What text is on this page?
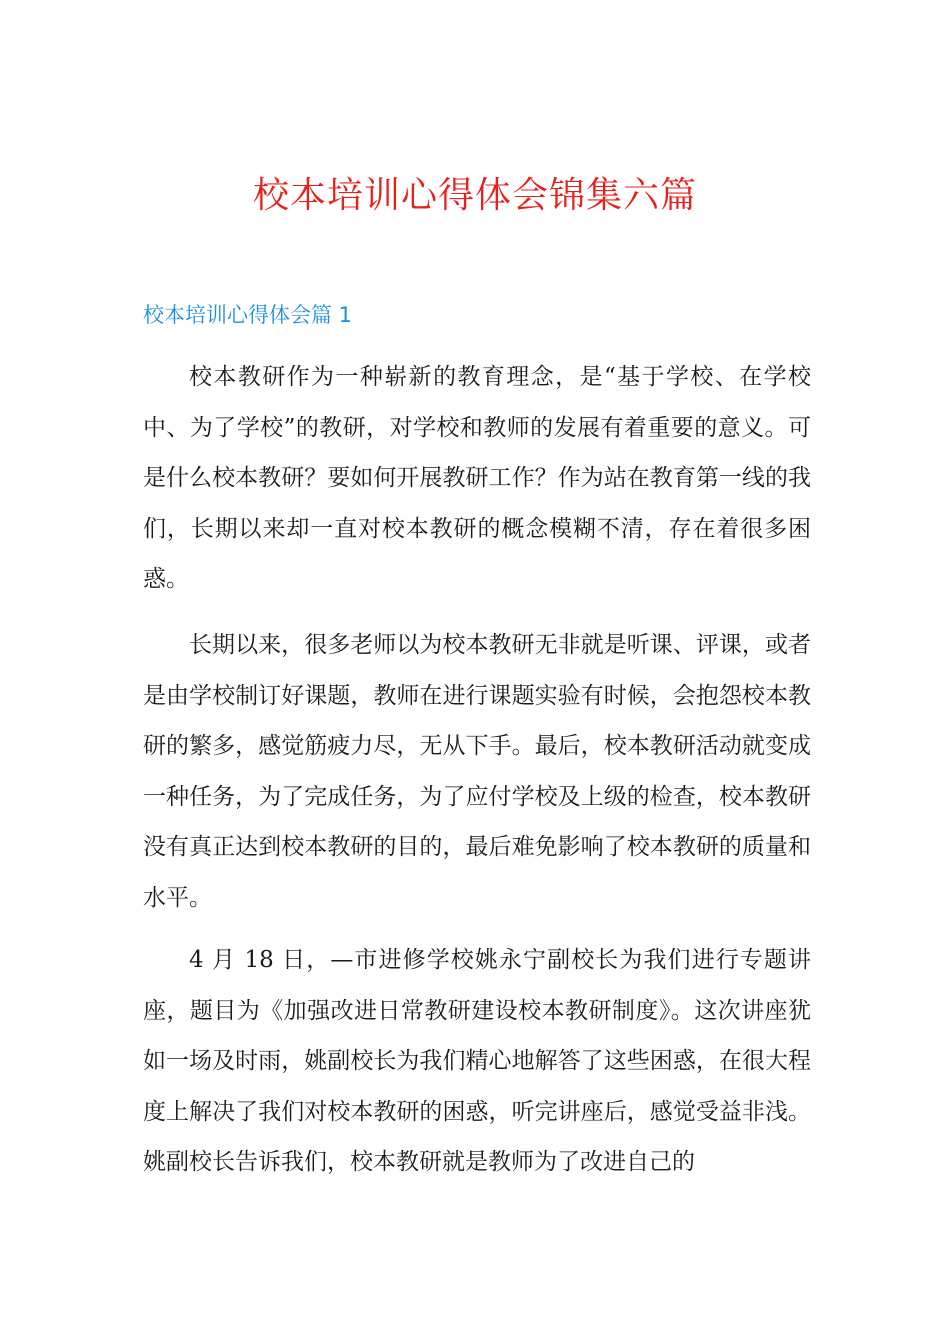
校本培训心得体会锦集六篇
校本培训心得体会篇 1

校本教研作为一种崭新的教育理念，是“基于学校、在学校中、为了学校”的教研，对学校和教师的发展有着重要的意义。可是什么校本教研？要如何开展教研工作？作为站在教育第一线的我们，长期以来却一直对校本教研的概念模糊不清，存在着很多困惑。

长期以来，很多老师以为校本教研无非就是听课、评课，或者是由学校制订好课题，教师在进行课题实验有时候，会抱怨校本教研的繁多，感觉筋疲力尽，无从下手。最后，校本教研活动就变成一种任务，为了完成任务，为了应付学校及上级的检查，校本教研没有真正达到校本教研的目的，最后难免影响了校本教研的质量和水平。

4 月 18 日，—市进修学校姚永宁副校长为我们进行专题讲座，题目为《加强改进日常教研建设校本教研制度》。这次讲座犹如一场及时雨，姚副校长为我们精心地解答了这些困惑，在很大程度上解决了我们对校本教研的困惑，听完讲座后，感觉受益非浅。姚副校长告诉我们，校本教研就是教师为了改进自己的
